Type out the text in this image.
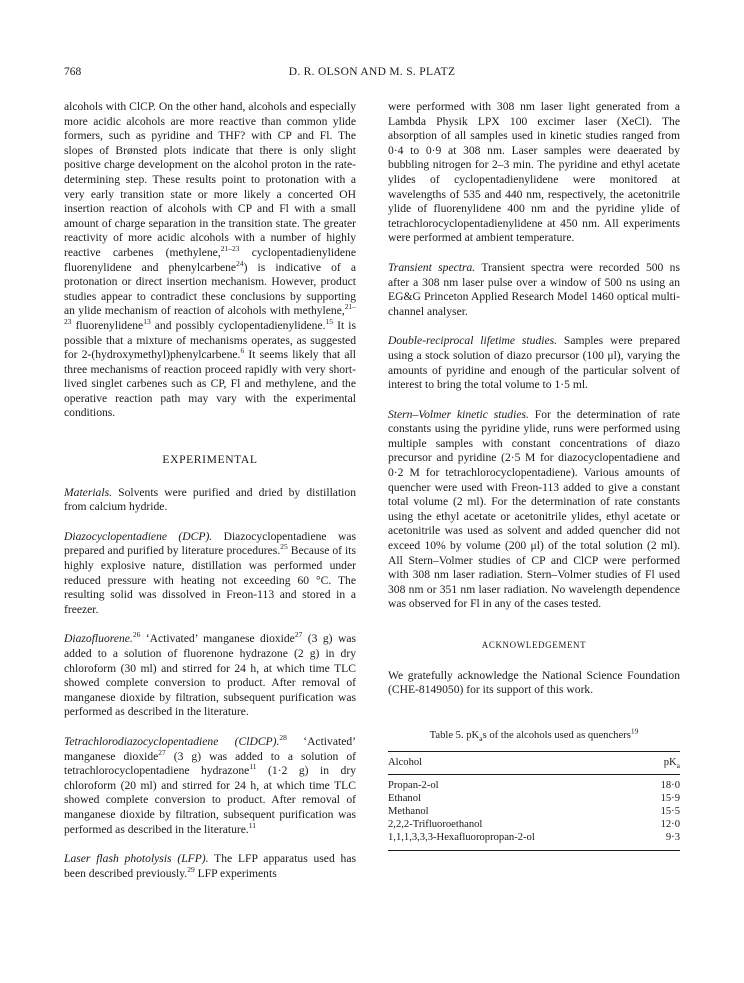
768	D. R. OLSON AND M. S. PLATZ

alcohols with ClCP. On the other hand, alcohols and especially more acidic alcohols are more reactive than common ylide formers, such as pyridine and THF? with CP and Fl. The slopes of Brønsted plots indicate that there is only slight positive charge development on the alcohol proton in the rate-determining step. These results point to protonation with a very early transition state or more likely a concerted OH insertion reaction of alcohols with CP and Fl with a small amount of charge separation in the transition state. The greater reactivity of more acidic alcohols with a number of highly reactive carbenes (methylene,$^{21-23}$ cyclopentadienylidene fluorenylidene and phenylcarbene$^{24}$) is indicative of a protonation or direct insertion mechanism. However, product studies appear to contradict these conclusions by supporting an ylide mechanism of reaction of alcohols with methylene,$^{21-23}$ fluorenylidene$^{13}$ and possibly cyclopentadienylidene.$^{15}$ It is possible that a mixture of mechanisms operates, as suggested for 2-(hydroxymethyl)phenylcarbene.$^6$ It seems likely that all three mechanisms of reaction proceed rapidly with very short-lived singlet carbenes such as CP, Fl and methylene, and the operative reaction path may vary with the experimental conditions.

EXPERIMENTAL

Materials. Solvents were purified and dried by distillation from calcium hydride.

Diazocyclopentadiene (DCP). Diazocyclopentadiene was prepared and purified by literature procedures.$^{25}$ Because of its highly explosive nature, distillation was performed under reduced pressure with heating not exceeding 60 °C. The resulting solid was dissolved in Freon-113 and stored in a freezer.

Diazofluorene.$^{26}$ ‘Activated’ manganese dioxide$^{27}$ (3 g) was added to a solution of fluorenone hydrazone (2 g) in dry chloroform (30 ml) and stirred for 24 h, at which time TLC showed complete conversion to product. After removal of manganese dioxide by filtration, subsequent purification was performed as described in the literature.

Tetrachlorodiazocyclopentadiene (ClDCP).$^{28}$ ‘Activated’ manganese dioxide$^{27}$ (3 g) was added to a solution of tetrachlorocyclopentadiene hydrazone$^{11}$ (1·2 g) in dry chloroform (20 ml) and stirred for 24 h, at which time TLC showed complete conversion to product. After removal of manganese dioxide by filtration, subsequent purification was performed as described in the literature.$^{11}$

Laser flash photolysis (LFP). The LFP apparatus used has been described previously.$^{29}$ LFP experiments

were performed with 308 nm laser light generated from a Lambda Physik LPX 100 excimer laser (XeCl). The absorption of all samples used in kinetic studies ranged from 0·4 to 0·9 at 308 nm. Laser samples were deaerated by bubbling nitrogen for 2–3 min. The pyridine and ethyl acetate ylides of cyclopentadienylidene were monitored at wavelengths of 535 and 440 nm, respectively, the acetonitrile ylide of fluorenylidene 400 nm and the pyridine ylide of tetrachlorocyclopentadienylidene at 450 nm. All experiments were performed at ambient temperature.

Transient spectra. Transient spectra were recorded 500 ns after a 308 nm laser pulse over a window of 500 ns using an EG&G Princeton Applied Research Model 1460 optical multi-channel analyser.

Double-reciprocal lifetime studies. Samples were prepared using a stock solution of diazo precursor (100 μl), varying the amounts of pyridine and enough of the particular solvent of interest to bring the total volume to 1·5 ml.

Stern–Volmer kinetic studies. For the determination of rate constants using the pyridine ylide, runs were performed using multiple samples with constant concentrations of diazo precursor and pyridine (2·5 M for diazocyclopentadiene and 0·2 M for tetrachlorocyclopentadiene). Various amounts of quencher were used with Freon-113 added to give a constant total volume (2 ml). For the determination of rate constants using the ethyl acetate or acetonitrile ylides, ethyl acetate or acetonitrile was used as solvent and added quencher did not exceed 10% by volume (200 μl) of the total solution (2 ml). All Stern–Volmer studies of CP and ClCP were performed with 308 nm laser radiation. Stern–Volmer studies of Fl used 308 nm or 351 nm laser radiation. No wavelength dependence was observed for Fl in any of the cases tested.

ACKNOWLEDGEMENT

We gratefully acknowledge the National Science Foundation (CHE-8149050) for its support of this work.

Table 5. $pK_as$ of the alcohols used as quenchers$^{19}$
Alcohol	$pK_a$
Propan-2-ol	18·0
Ethanol	15·9
Methanol	15·5
2,2,2-Trifluoroethanol	12·0
1,1,1,3,3,3-Hexafluoropropan-2-ol	9·3
